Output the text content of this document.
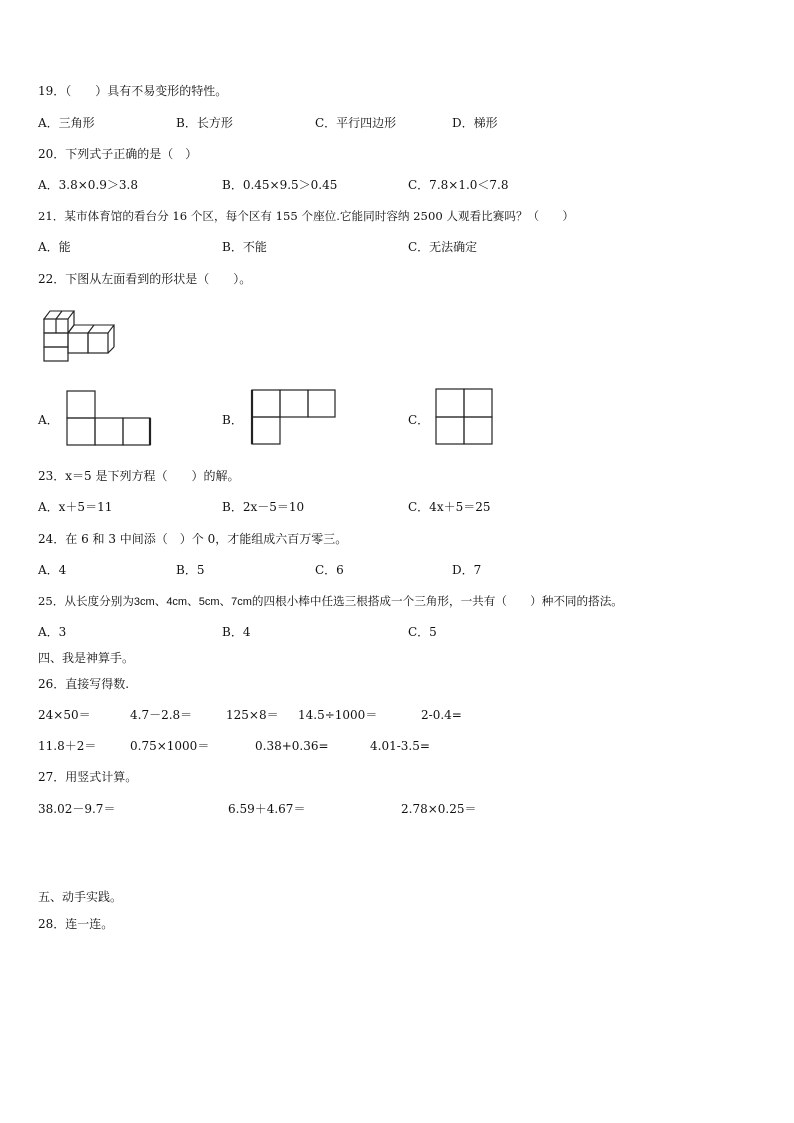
19．（　　）具有不易变形的特性。
A．三角形	B．长方形	C．平行四边形	D．梯形
20．下列式子正确的是（　）
A．3.8×0.9＞3.8	B．0.45×9.5＞0.45	C．7.8×1.0＜7.8
21．某市体育馆的看台分 16 个区，每个区有 155 个座位.它能同时容纳 2500 人观看比赛吗？（　　）
A．能	B．不能	C．无法确定
22．下图从左面看到的形状是（　　）。
A．	B．	C．
23．x＝5 是下列方程（　　）的解。
A．x＋5＝11	B．2x－5＝10	C．4x＋5＝25
24．在 6 和 3 中间添（　）个 0，才能组成六百万零三。
A．4	B．5	C．6	D．7
25．从长度分别为3cm、4cm、5cm、7cm的四根小棒中任选三根搭成一个三角形，一共有（　　）种不同的搭法。
A．3	B．4	C．5
四、我是神算手。
26．直接写得数.
24×50＝	4.7－2.8＝	125×8＝ 14.5÷1000＝	2-0.4=
11.8＋2＝	0.75×1000＝	0.38+0.36=	4.01-3.5=
27．用竖式计算。
38.02－9.7＝	6.59＋4.67＝	2.78×0.25＝
五、动手实践。
28．连一连。
